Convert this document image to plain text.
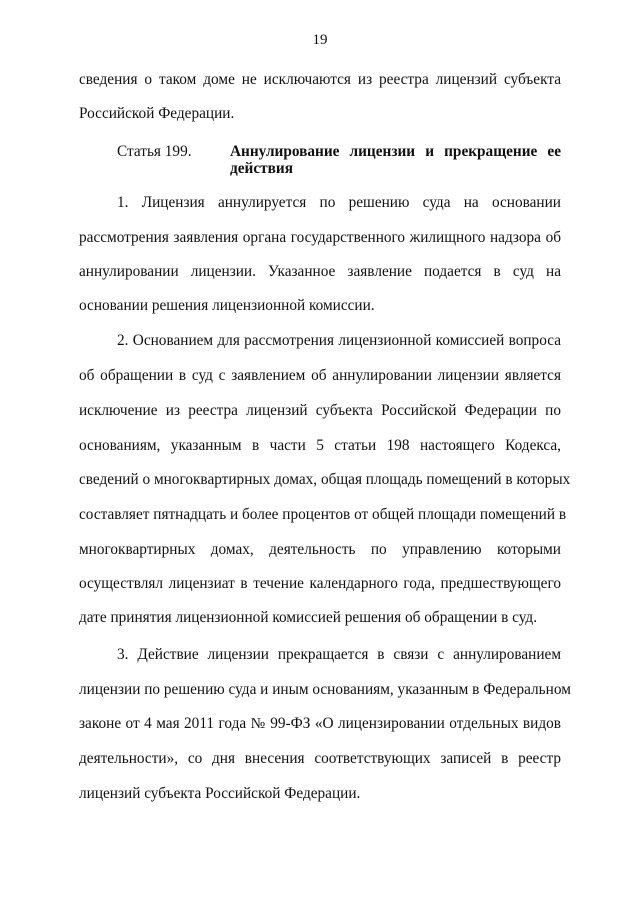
19
сведения о таком доме не исключаются из реестра лицензий субъекта
Российской Федерации.
Статья 199.	Аннулирование лицензии и прекращение ее
действия
1. Лицензия аннулируется по решению суда на основании
рассмотрения заявления органа государственного жилищного надзора об
аннулировании лицензии. Указанное заявление подается в суд на
основании решения лицензионной комиссии.
2. Основанием для рассмотрения лицензионной комиссией вопроса
об обращении в суд с заявлением об аннулировании лицензии является
исключение из реестра лицензий субъекта Российской Федерации по
основаниям, указанным в части 5 статьи 198 настоящего Кодекса,
сведений о многоквартирных домах, общая площадь помещений в которых
составляет пятнадцать и более процентов от общей площади помещений в
многоквартирных домах, деятельность по управлению которыми
осуществлял лицензиат в течение календарного года, предшествующего
дате принятия лицензионной комиссией решения об обращении в суд.
3. Действие лицензии прекращается в связи с аннулированием
лицензии по решению суда и иным основаниям, указанным в Федеральном
законе от 4 мая 2011 года № 99-ФЗ «О лицензировании отдельных видов
деятельности», со дня внесения соответствующих записей в реестр
лицензий субъекта Российской Федерации.
